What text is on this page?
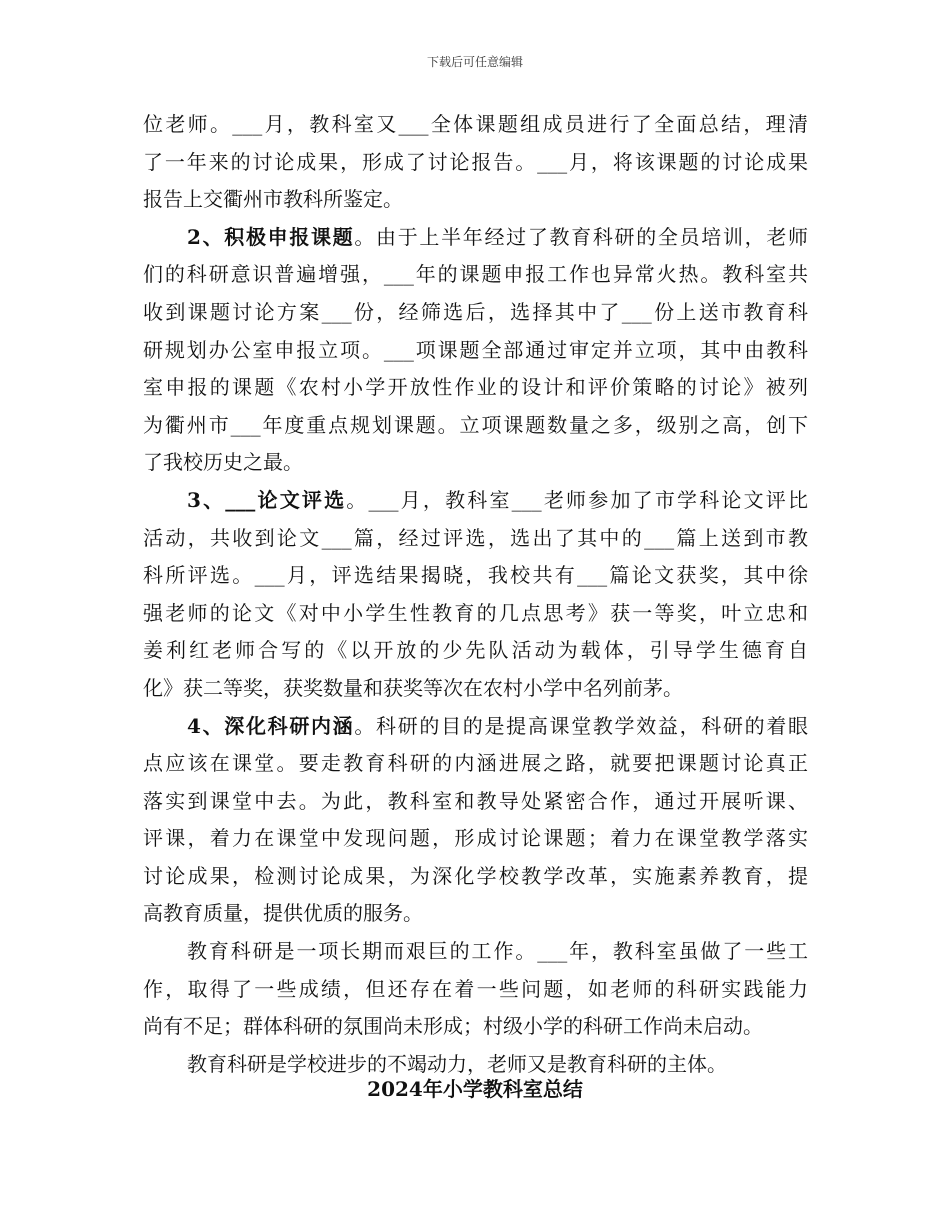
下载后可任意编辑
位老师。___月，教科室又___全体课题组成员进行了全面总结，理清
了一年来的讨论成果，形成了讨论报告。___月，将该课题的讨论成果
报告上交衢州市教科所鉴定。
2、积极申报课题。由于上半年经过了教育科研的全员培训，老师
们的科研意识普遍增强，___年的课题申报工作也异常火热。教科室共
收到课题讨论方案___份，经筛选后，选择其中了___份上送市教育科
研规划办公室申报立项。___项课题全部通过审定并立项，其中由教科
室申报的课题《农村小学开放性作业的设计和评价策略的讨论》被列
为衢州市___年度重点规划课题。立项课题数量之多，级别之高，创下
了我校历史之最。
3、___论文评选。___月，教科室___老师参加了市学科论文评比
活动，共收到论文___篇，经过评选，选出了其中的___篇上送到市教
科所评选。___月，评选结果揭晓，我校共有___篇论文获奖，其中徐
强老师的论文《对中小学生性教育的几点思考》获一等奖，叶立忠和
姜利红老师合写的《以开放的少先队活动为载体，引导学生德育自
化》获二等奖，获奖数量和获奖等次在农村小学中名列前茅。
4、深化科研内涵。科研的目的是提高课堂教学效益，科研的着眼
点应该在课堂。要走教育科研的内涵进展之路，就要把课题讨论真正
落实到课堂中去。为此，教科室和教导处紧密合作，通过开展听课、
评课，着力在课堂中发现问题，形成讨论课题；着力在课堂教学落实
讨论成果，检测讨论成果，为深化学校教学改革，实施素养教育，提
高教育质量，提供优质的服务。
教育科研是一项长期而艰巨的工作。___年，教科室虽做了一些工
作，取得了一些成绩，但还存在着一些问题，如老师的科研实践能力
尚有不足；群体科研的氛围尚未形成；村级小学的科研工作尚未启动。
教育科研是学校进步的不竭动力，老师又是教育科研的主体。
2024年小学教科室总结
